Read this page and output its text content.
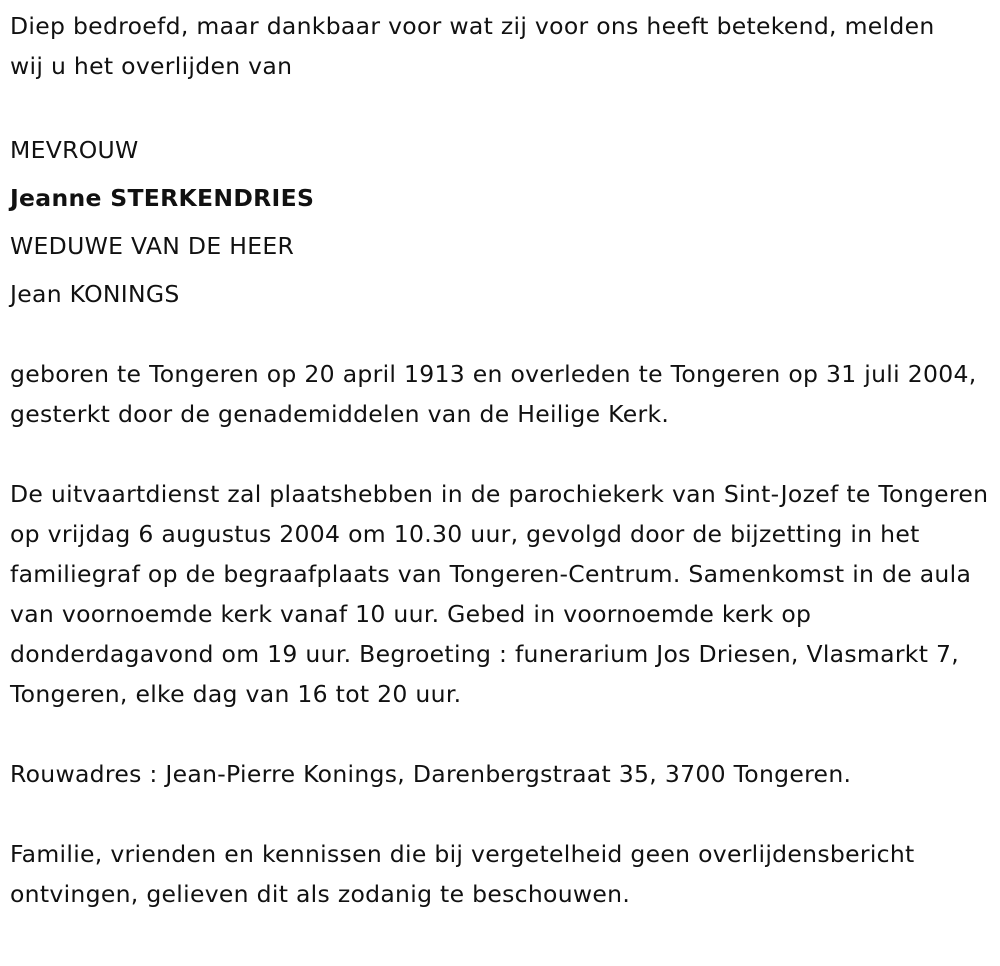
Diep bedroefd, maar dankbaar voor wat zij voor ons heeft betekend, melden wij u het overlijden van

MEVROUW
Jeanne STERKENDRIES
WEDUWE VAN DE HEER
Jean KONINGS

geboren te Tongeren op 20 april 1913 en overleden te Tongeren op 31 juli 2004, gesterkt door de genademiddelen van de Heilige Kerk.

De uitvaartdienst zal plaatshebben in de parochiekerk van Sint-Jozef te Tongeren op vrijdag 6 augustus 2004 om 10.30 uur, gevolgd door de bijzetting in het familiegraf op de begraafplaats van Tongeren-Centrum. Samenkomst in de aula van voornoemde kerk vanaf 10 uur. Gebed in voornoemde kerk op donderdagavond om 19 uur. Begroeting : funerarium Jos Driesen, Vlasmarkt 7, Tongeren, elke dag van 16 tot 20 uur.

Rouwadres : Jean-Pierre Konings, Darenbergstraat 35, 3700 Tongeren.

Familie, vrienden en kennissen die bij vergetelheid geen overlijdensbericht ontvingen, gelieven dit als zodanig te beschouwen.
